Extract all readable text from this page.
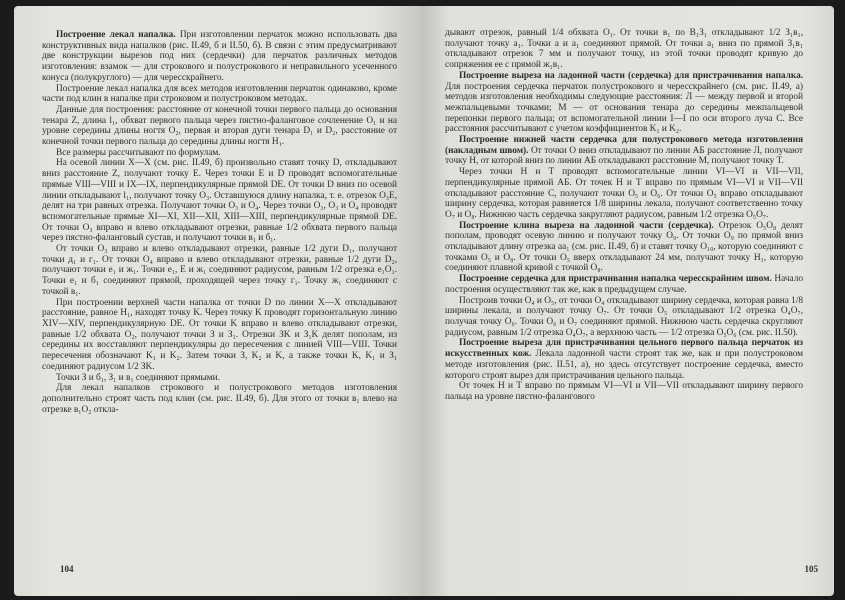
Построение лекал напалка. При изготовлении перчаток можно использовать два конструктивных вида напалков (рис. II.49, б и II.50, б). В связи с этим предусматривают две конструкции вырезов под них (сердечки) для перчаток различных методов изготовления: взамок — для строкового и полустрокового и неправильного усеченного конуса (полукруглого) — для чересcкрайнего.

Построение лекал напалка для всех методов изготовления перчаток одинаково, кроме части под клин в напалке при строковом и полустроковом методах.

Данные для построения: расстояние от конечной точки первого пальца до основания тенара Z, длина l₁, обхват первого пальца через пястно-фаланговое сочленение O₁ и на уровне середины длины ногтя O₂, первая и вторая дуги тенара D₁ и D₂, расстояние от конечной точки первого пальца до середины длины ногтя H₁.

Все размеры рассчитывают по формулам.

На осевой линии X—X (см. рис. II.49, б) произвольно ставят точку D, откладывают вниз расстояние Z, получают точку E. Через точки E и D проводят вспомогательные прямые VIII—VIII и IX—IX, перпендикулярные прямой DE. От точки D вниз по осевой линии откладывают l₁, получают точку O₃. Оставшуюся длину напалка, т. е. отрезок O₃E, делят на три равных отрезка. Получают точки O₃ и O₄. Через точки O₃, O₃ и O₄ проводят вспомогательные прямые XI—XI, XII—XII, XIII—XIII, перпендикулярные прямой DE. От точки O₃ вправо и влево откладывают отрезки, равные 1/2 обхвата первого пальца через пястно-фаланговый сустав, и получают точки в₁ и б₁.

От точки O₃ вправо и влево откладывают отрезки, равные 1/2 дуги D₁, получают точки д₁ и г₁. От точки O₄ вправо и влево откладывают отрезки, равные 1/2 дуги D₂, получают точки е₁ и ж₁. Точки е₁, E и ж₁ соединяют радиусом, равным 1/2 отрезка е₁O₁. Точки е₁ и б₁ соединяют прямой, проходящей через точку г₁. Точку ж₁ соединяют с точкой в₁.

При построении верхней части напалка от точки D по линии X—X откладывают расстояние, равное H₁, находят точку K. Через точку K проводят горизонтальную линию XIV—XIV, перпендикулярную DE. От точки K вправо и влево откладывают отрезки, равные 1/2 обхвата O₂, получают точки З и З₁. Отрезки ЗK и З₁K делят пополам, из середины их восставляют перпендикуляры до пересечения с линией VIII—VIII. Точки пересечения обозначают K₁ и K₂. Затем точки З, K₂ и K, а также точки K, K₁ и З₁ соединяют радиусом 1/2 ЗK.

Точки З и б₁, З₁ и в₁ соединяют прямыми.

Для лекал напалков строкового и полустрокового методов изготовления дополнительно строят часть под клин (см. рис. II.49, б). Для этого от точки в₁ влево на отрезке в₁O₂ откла-

104

дывают отрезок, равный 1/4 обхвата O₁. От точки в₁ по В₁З₁ откладывают 1/2 З₁в₁, получают точку а₁. Точки а и а₁ соединяют прямой. От точки а₁ вниз по прямой З₁в₁ откладывают отрезок 7 мм и получают точку, из этой точки проводят кривую до сопряжения ее с прямой ж₁в₁.

Построение выреза на ладонной части (сердечка) для пристрачивания напалка. Для построения сердечка перчаток полустрокового и чересcкрайнего (см. рис. II.49, а) методов изготовления необходимы следующие расстояния: Л — между первой и второй межпальцевыми точками; M — от основания тенара до середины межпальцевой перепонки первого пальца; от вспомогательной линии I—I по оси второго луча C. Все расстояния рассчитывают с учетом коэффициентов K₁ и K₂.

Построение нижней части сердечка для полустрокового метода изготовления (накладным швом). От точки O вниз откладывают по линии АБ расстояние Л, получают точку Н, от которой вниз по линии АБ откладывают расстояние M, получают точку T.

Через точки Н и T проводят вспомогательные линии VI—VI и VII—VII, перпендикулярные прямой АБ. От точек Н и T вправо по прямым VI—VI и VII—VII откладывают расстояние C, получают точки O₅ и O₆. От точки O₅ вправо откладывают ширину сердечка, которая равняется 1/8 ширины лекала, получают соответственно точку O₇ и O₈. Нижнюю часть сердечка закругляют радиусом, равным 1/2 отрезка O₅O₇.

Построение клина выреза на ладонной части (сердечка). Отрезок O₅O₈ делят пополам, проводят осевую линию и получают точку O₉. От точки O₉ по прямой вниз откладывают длину отрезка aa₁ (см. рис. II.49, б) и ставят точку O₁₀, которую соединяют с точками O₅ и O₈. От точки O₅ вверх откладывают 24 мм, получают точку H₁, которую соединяют плавной кривой с точкой O₈.

Построение сердечка для пристрачивания напалка чересcкрайним швом. Начало построения осуществляют так же, как в предыдущем случае.

Построив точки O₄ и O₅, от точки O₄ откладывают ширину сердечка, которая равна 1/8 ширины лекала, и получают точку O₇. От точки O₅ откладывают 1/2 отрезка O₄O₇, получая точку O₆. Точки O₆ и O₇ соединяют прямой. Нижнюю часть сердечка скругляют радиусом, равным 1/2 отрезка O₄O₇, а верхнюю часть — 1/2 отрезка O₅O₆ (см. рис. II.50).

Построение выреза для пристрачивания цельного первого пальца перчаток из искусственных кож. Лекала ладонной части строят так же, как и при полустроковом методе изготовления (рис. II.51, а), но здесь отсутствует построение сердечка, вместо которого строят вырез для пристрачивания цельного пальца.

От точек Н и T вправо по прямым VI—VI и VII—VII откладывают ширину первого пальца на уровне пястно-фалангового

105
